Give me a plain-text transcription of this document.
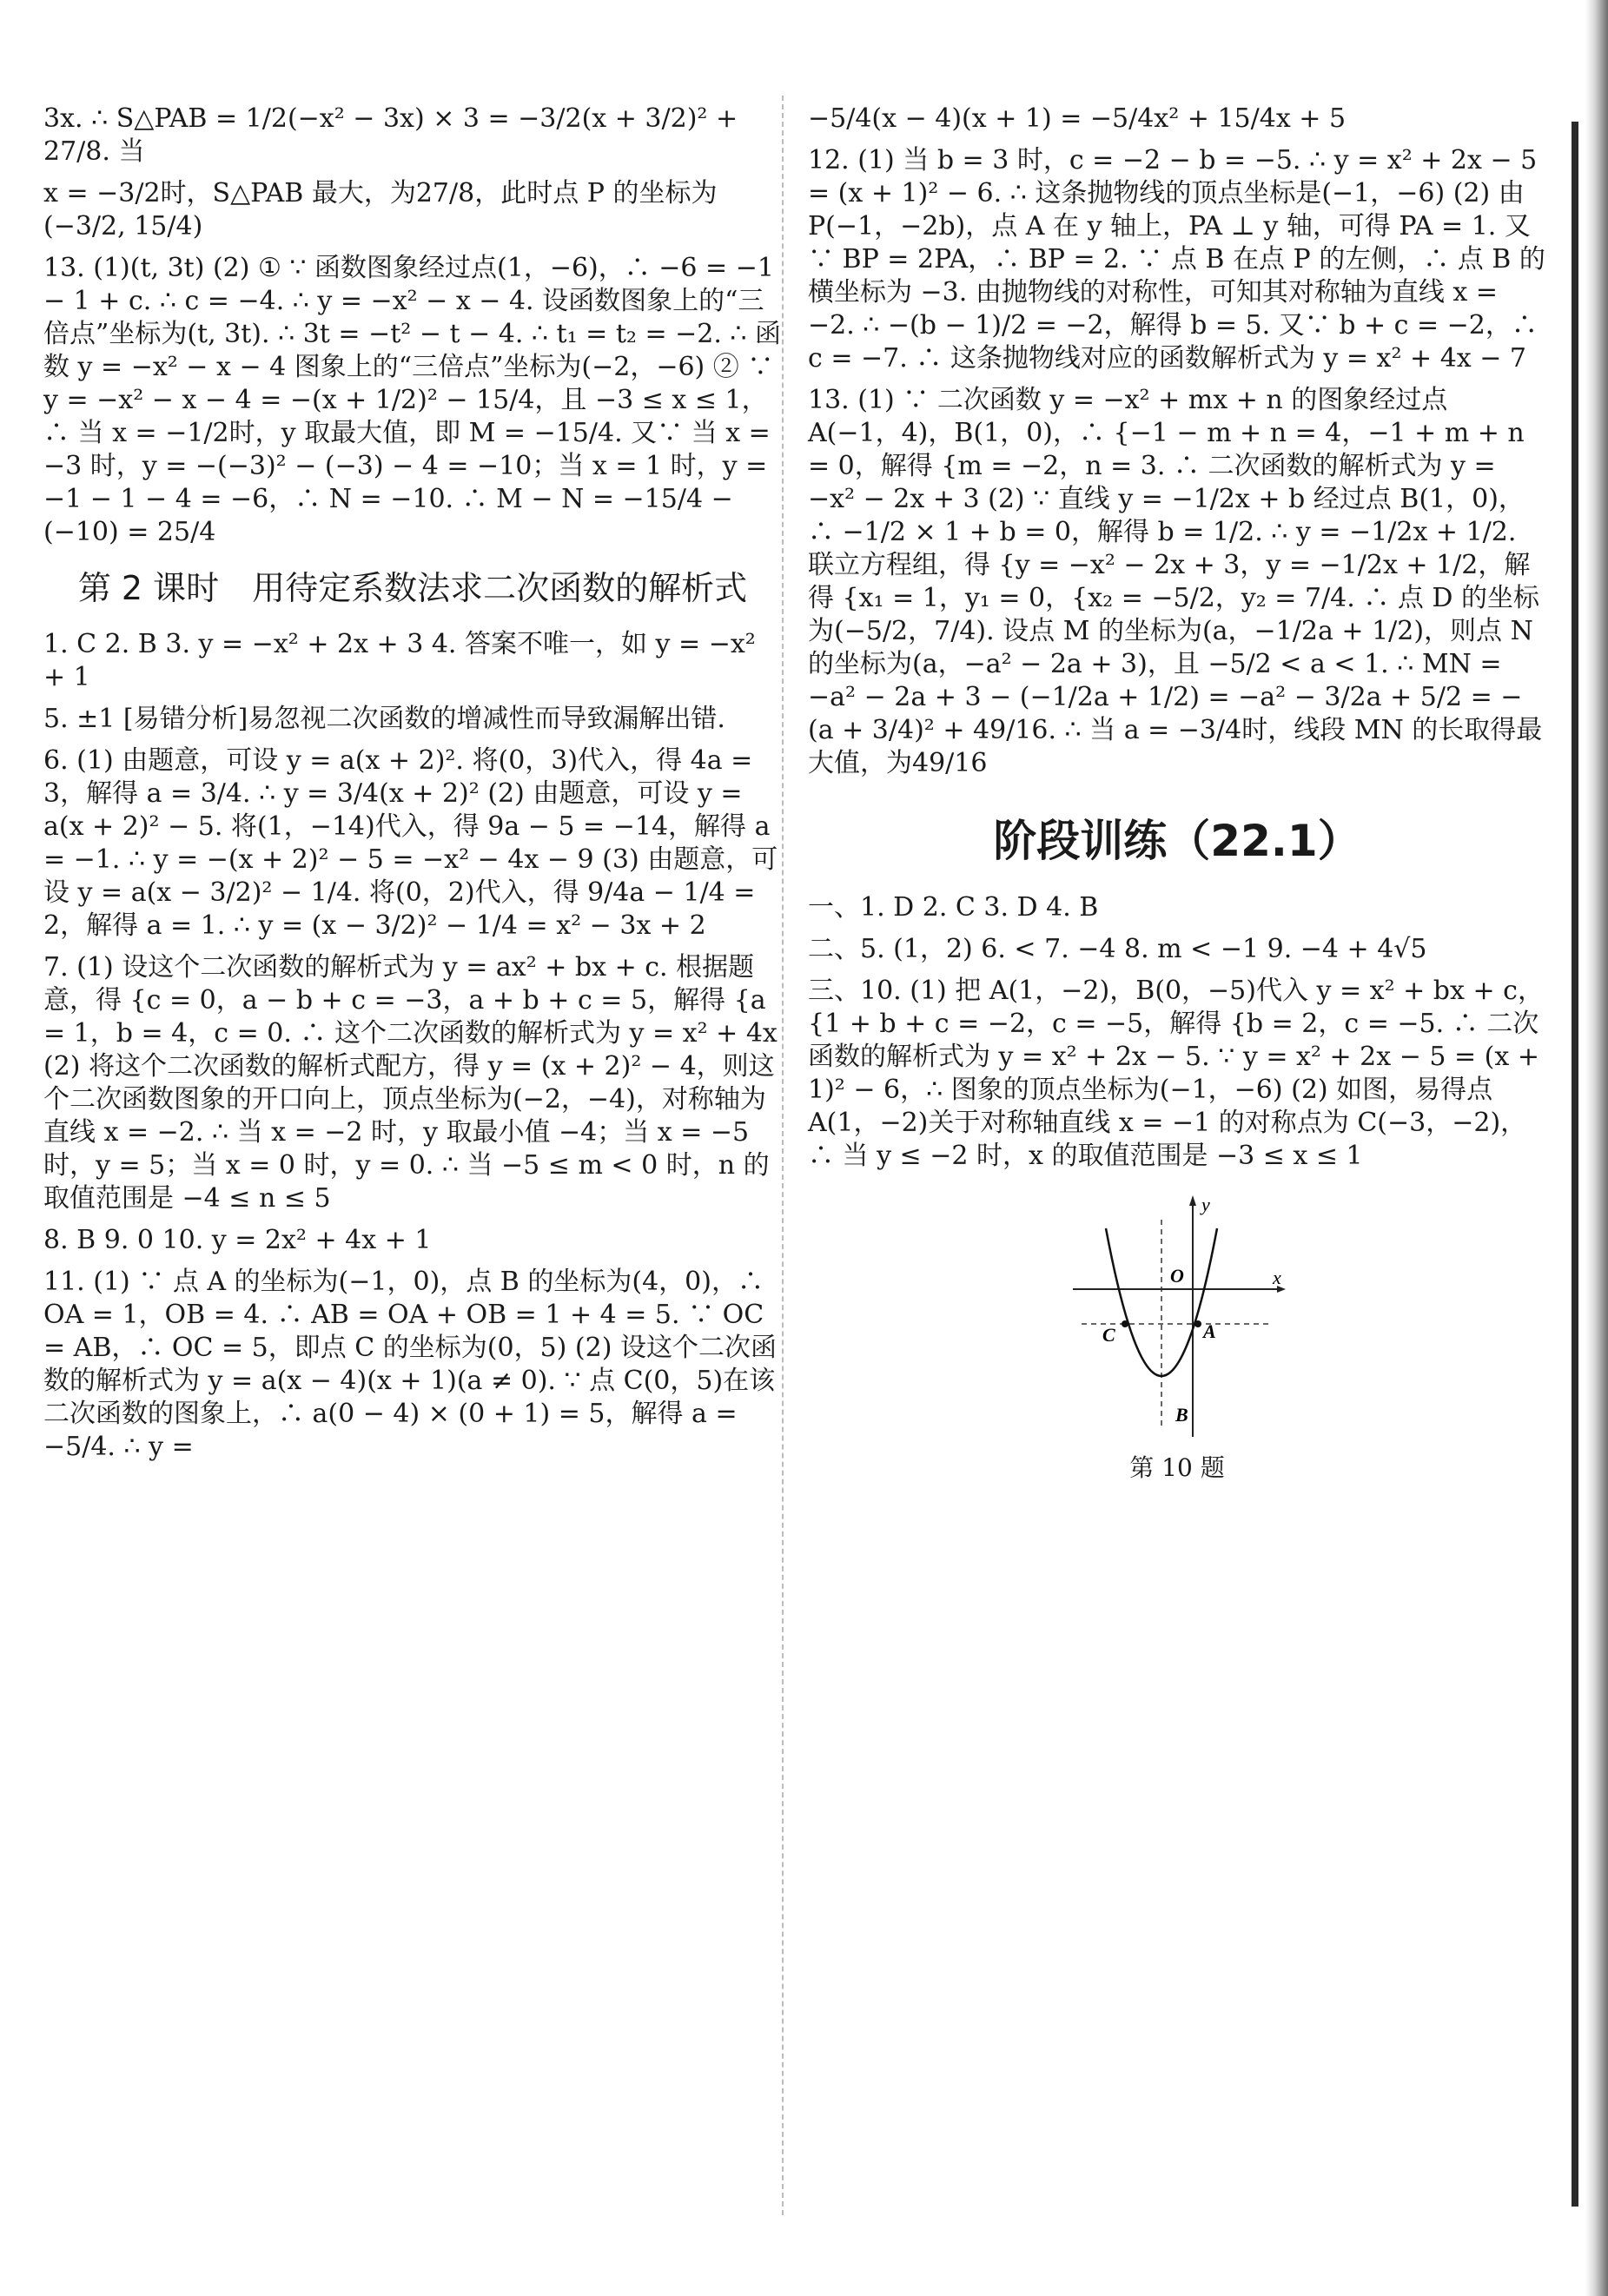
3x. ∴ S△PAB = 1/2(−x² − 3x) × 3 = −3/2(x + 3/2)² + 27/8. 当

x = −3/2时，S△PAB 最大，为27/8，此时点 P 的坐标为(−3/2, 15/4)

13. (1)(t, 3t) (2) ① ∵ 函数图象经过点(1，−6)，∴ −6 = −1 − 1 + c. ∴ c = −4. ∴ y = −x² − x − 4. 设函数图象上的“三倍点”坐标为(t, 3t). ∴ 3t = −t² − t − 4. ∴ t₁ = t₂ = −2. ∴ 函数 y = −x² − x − 4 图象上的“三倍点”坐标为(−2，−6) ② ∵ y = −x² − x − 4 = −(x + 1/2)² − 15/4，且 −3 ≤ x ≤ 1，∴ 当 x = −1/2时，y 取最大值，即 M = −15/4. 又∵ 当 x = −3 时，y = −(−3)² − (−3) − 4 = −10；当 x = 1 时，y = −1 − 1 − 4 = −6，∴ N = −10. ∴ M − N = −15/4 − (−10) = 25/4

第 2 课时　用待定系数法求二次函数的解析式

1. C 2. B 3. y = −x² + 2x + 3 4. 答案不唯一，如 y = −x² + 1

5. ±1 [易错分析]易忽视二次函数的增减性而导致漏解出错.

6. (1) 由题意，可设 y = a(x + 2)². 将(0，3)代入，得 4a = 3，解得 a = 3/4. ∴ y = 3/4(x + 2)² (2) 由题意，可设 y = a(x + 2)² − 5. 将(1，−14)代入，得 9a − 5 = −14，解得 a = −1. ∴ y = −(x + 2)² − 5 = −x² − 4x − 9 (3) 由题意，可设 y = a(x − 3/2)² − 1/4. 将(0，2)代入，得 9/4a − 1/4 = 2，解得 a = 1. ∴ y = (x − 3/2)² − 1/4 = x² − 3x + 2

7. (1) 设这个二次函数的解析式为 y = ax² + bx + c. 根据题意，得 {c = 0，a − b + c = −3，a + b + c = 5，解得 {a = 1，b = 4，c = 0. ∴ 这个二次函数的解析式为 y = x² + 4x (2) 将这个二次函数的解析式配方，得 y = (x + 2)² − 4，则这个二次函数图象的开口向上，顶点坐标为(−2，−4)，对称轴为直线 x = −2. ∴ 当 x = −2 时，y 取最小值 −4；当 x = −5 时，y = 5；当 x = 0 时，y = 0. ∴ 当 −5 ≤ m < 0 时，n 的取值范围是 −4 ≤ n ≤ 5

8. B 9. 0 10. y = 2x² + 4x + 1

11. (1) ∵ 点 A 的坐标为(−1，0)，点 B 的坐标为(4，0)，∴ OA = 1，OB = 4. ∴ AB = OA + OB = 1 + 4 = 5. ∵ OC = AB，∴ OC = 5，即点 C 的坐标为(0，5) (2) 设这个二次函数的解析式为 y = a(x − 4)(x + 1)(a ≠ 0). ∵ 点 C(0，5)在该二次函数的图象上，∴ a(0 − 4) × (0 + 1) = 5，解得 a = −5/4. ∴ y =

−5/4(x − 4)(x + 1) = −5/4x² + 15/4x + 5

12. (1) 当 b = 3 时，c = −2 − b = −5. ∴ y = x² + 2x − 5 = (x + 1)² − 6. ∴ 这条抛物线的顶点坐标是(−1，−6) (2) 由 P(−1，−2b)，点 A 在 y 轴上，PA ⊥ y 轴，可得 PA = 1. 又∵ BP = 2PA，∴ BP = 2. ∵ 点 B 在点 P 的左侧，∴ 点 B 的横坐标为 −3. 由抛物线的对称性，可知其对称轴为直线 x = −2. ∴ −(b − 1)/2 = −2，解得 b = 5. 又∵ b + c = −2，∴ c = −7. ∴ 这条抛物线对应的函数解析式为 y = x² + 4x − 7

13. (1) ∵ 二次函数 y = −x² + mx + n 的图象经过点 A(−1，4)，B(1，0)，∴ {−1 − m + n = 4，−1 + m + n = 0，解得 {m = −2，n = 3. ∴ 二次函数的解析式为 y = −x² − 2x + 3 (2) ∵ 直线 y = −1/2x + b 经过点 B(1，0)，∴ −1/2 × 1 + b = 0，解得 b = 1/2. ∴ y = −1/2x + 1/2. 联立方程组，得 {y = −x² − 2x + 3，y = −1/2x + 1/2，解得 {x₁ = 1，y₁ = 0，{x₂ = −5/2，y₂ = 7/4. ∴ 点 D 的坐标为(−5/2，7/4). 设点 M 的坐标为(a，−1/2a + 1/2)，则点 N 的坐标为(a，−a² − 2a + 3)，且 −5/2 < a < 1. ∴ MN = −a² − 2a + 3 − (−1/2a + 1/2) = −a² − 3/2a + 5/2 = −(a + 3/4)² + 49/16. ∴ 当 a = −3/4时，线段 MN 的长取得最大值，为49/16

阶段训练（22.1）

一、1. D 2. C 3. D 4. B

二、5. (1，2) 6. < 7. −4 8. m < −1 9. −4 + 4√5

三、10. (1) 把 A(1，−2)，B(0，−5)代入 y = x² + bx + c，{1 + b + c = −2，c = −5，解得 {b = 2，c = −5. ∴ 二次函数的解析式为 y = x² + 2x − 5. ∵ y = x² + 2x − 5 = (x + 1)² − 6，∴ 图象的顶点坐标为(−1，−6) (2) 如图，易得点 A(1，−2)关于对称轴直线 x = −1 的对称点为 C(−3，−2)，∴ 当 y ≤ −2 时，x 的取值范围是 −3 ≤ x ≤ 1

y
x
O
A
C
B
第 10 题
